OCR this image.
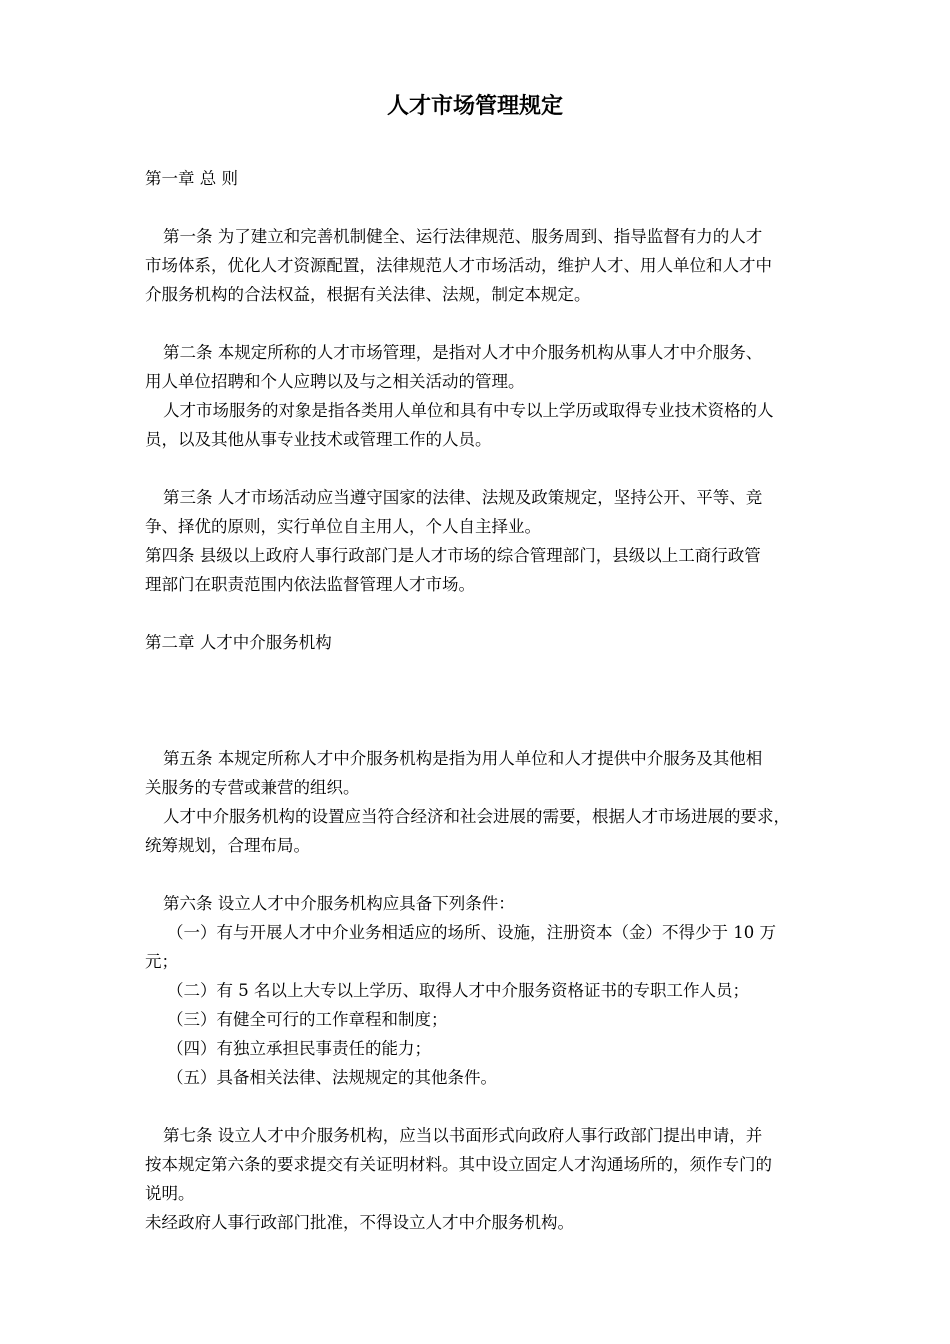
人才市场管理规定
第一章 总 则
第一条 为了建立和完善机制健全、运行法律规范、服务周到、指导监督有力的人才
市场体系，优化人才资源配置，法律规范人才市场活动，维护人才、用人单位和人才中
介服务机构的合法权益，根据有关法律、法规，制定本规定。
第二条 本规定所称的人才市场管理，是指对人才中介服务机构从事人才中介服务、
用人单位招聘和个人应聘以及与之相关活动的管理。
人才市场服务的对象是指各类用人单位和具有中专以上学历或取得专业技术资格的人
员，以及其他从事专业技术或管理工作的人员。
第三条 人才市场活动应当遵守国家的法律、法规及政策规定，坚持公开、平等、竞
争、择优的原则，实行单位自主用人，个人自主择业。
第四条 县级以上政府人事行政部门是人才市场的综合管理部门，县级以上工商行政管
理部门在职责范围内依法监督管理人才市场。
第二章 人才中介服务机构
第五条 本规定所称人才中介服务机构是指为用人单位和人才提供中介服务及其他相
关服务的专营或兼营的组织。
人才中介服务机构的设置应当符合经济和社会进展的需要，根据人才市场进展的要求，
统筹规划，合理布局。
第六条 设立人才中介服务机构应具备下列条件：
（一）有与开展人才中介业务相适应的场所、设施，注册资本（金）不得少于 10 万
元；
（二）有 5 名以上大专以上学历、取得人才中介服务资格证书的专职工作人员；
（三）有健全可行的工作章程和制度；
（四）有独立承担民事责任的能力；
（五）具备相关法律、法规规定的其他条件。
第七条 设立人才中介服务机构，应当以书面形式向政府人事行政部门提出申请，并
按本规定第六条的要求提交有关证明材料。其中设立固定人才沟通场所的，须作专门的
说明。
未经政府人事行政部门批准，不得设立人才中介服务机构。
